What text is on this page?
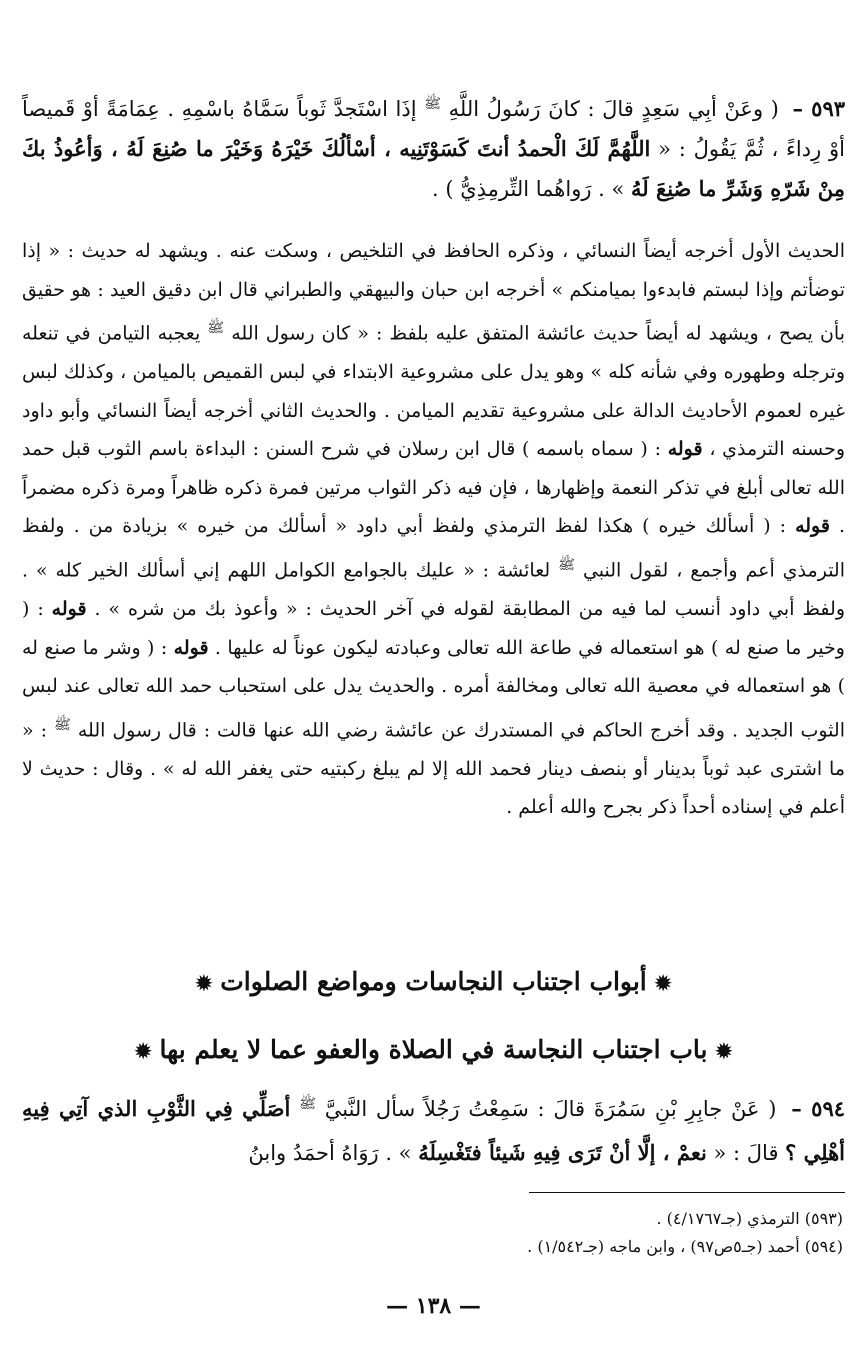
٥٩٣ – ( وعَنْ أبِي سَعِدٍ قالَ : كانَ رَسُولُ اللَّهِ $^ﷺ$ إذَا اسْتَجدَّ ثَوباً سَمَّاهُ باسْمِهِ . عِمَامَةً أوْ قَميصاً أوْ رِداءً ، ثُمَّ يَقُولُ : « اللَّهُمَّ لَكَ الْحمدُ أنتَ كَسَوْتَنِيه ، أسْألُكَ خَيْرَهُ وَخَيْرَ ما صُنِعَ لَهُ ، وَأعُوذُ بكَ مِنْ شَرّهِ وَشَرِّ ما صُنِعَ لَهُ » . رَواهُما التِّرمِذِيُّ ) .
الحديث الأول أخرجه أيضاً النسائي ، وذكره الحافظ في التلخيص ، وسكت عنه . ويشهد له حديث : « إذا توضأتم وإذا لبستم فابدءوا بميامنكم » أخرجه ابن حبان والبيهقي والطبراني قال ابن دقيق العيد : هو حقيق بأن يصح ، ويشهد له أيضاً حديث عائشة المتفق عليه بلفظ : « كان رسول الله $^ﷺ$ يعجبه التيامن في تنعله وترجله وطهوره وفي شأنه كله » وهو يدل على مشروعية الابتداء في لبس القميص بالميامن ، وكذلك لبس غيره لعموم الأحاديث الدالة على مشروعية تقديم الميامن . والحديث الثاني أخرجه أيضاً النسائي وأبو داود وحسنه الترمذي ، قوله : ( سماه باسمه ) قال ابن رسلان في شرح السنن : البداءة باسم الثوب قبل حمد الله تعالى أبلغ في تذكر النعمة وإظهارها ، فإن فيه ذكر الثواب مرتين فمرة ذكره ظاهراً ومرة ذكره مضمراً . قوله : ( أسألك خيره ) هكذا لفظ الترمذي ولفظ أبي داود « أسألك من خيره » بزيادة من . ولفظ الترمذي أعم وأجمع ، لقول النبي $^ﷺ$ لعائشة : « عليك بالجوامع الكوامل اللهم إني أسألك الخير كله » . ولفظ أبي داود أنسب لما فيه من المطابقة لقوله في آخر الحديث : « وأعوذ بك من شره » . قوله : ( وخير ما صنع له ) هو استعماله في طاعة الله تعالى وعبادته ليكون عوناً له عليها . قوله : ( وشر ما صنع له ) هو استعماله في معصية الله تعالى ومخالفة أمره . والحديث يدل على استحباب حمد الله تعالى عند لبس الثوب الجديد . وقد أخرج الحاكم في المستدرك عن عائشة رضي الله عنها قالت : قال رسول الله $^ﷺ$ : « ما اشترى عبد ثوباً بدينار أو بنصف دينار فحمد الله إلا لم يبلغ ركبتيه حتى يغفر الله له » . وقال : حديث لا أعلم في إسناده أحداً ذكر بجرح والله أعلم .
✹أبواب اجتناب النجاسات ومواضع الصلوات✹
✹باب اجتناب النجاسة في الصلاة والعفو عما لا يعلم بها✹
٥٩٤ – ( عَنْ جابِرِ بْنِ سَمُرَةَ قالَ : سَمِعْتُ رَجُلاً سأل النَّبيَّ $^ﷺ$ أصَلِّي فِي الثَّوْبِ الذي آتِي فِيهِ أهْلِي ؟ قالَ : « نعمْ ، إلَّا أنْ تَرَى فِيهِ شَيئاً فتَغْسِلَهُ » . رَوَاهُ أحمَدُ وابنُ
(٥٩٣) الترمذي (جـ٤/١٧٦٧) .
(٥٩٤) أحمد (جـ٥ص٩٧) ، وابن ماجه (جـ١/٥٤٢) .
— ١٣٨ —
